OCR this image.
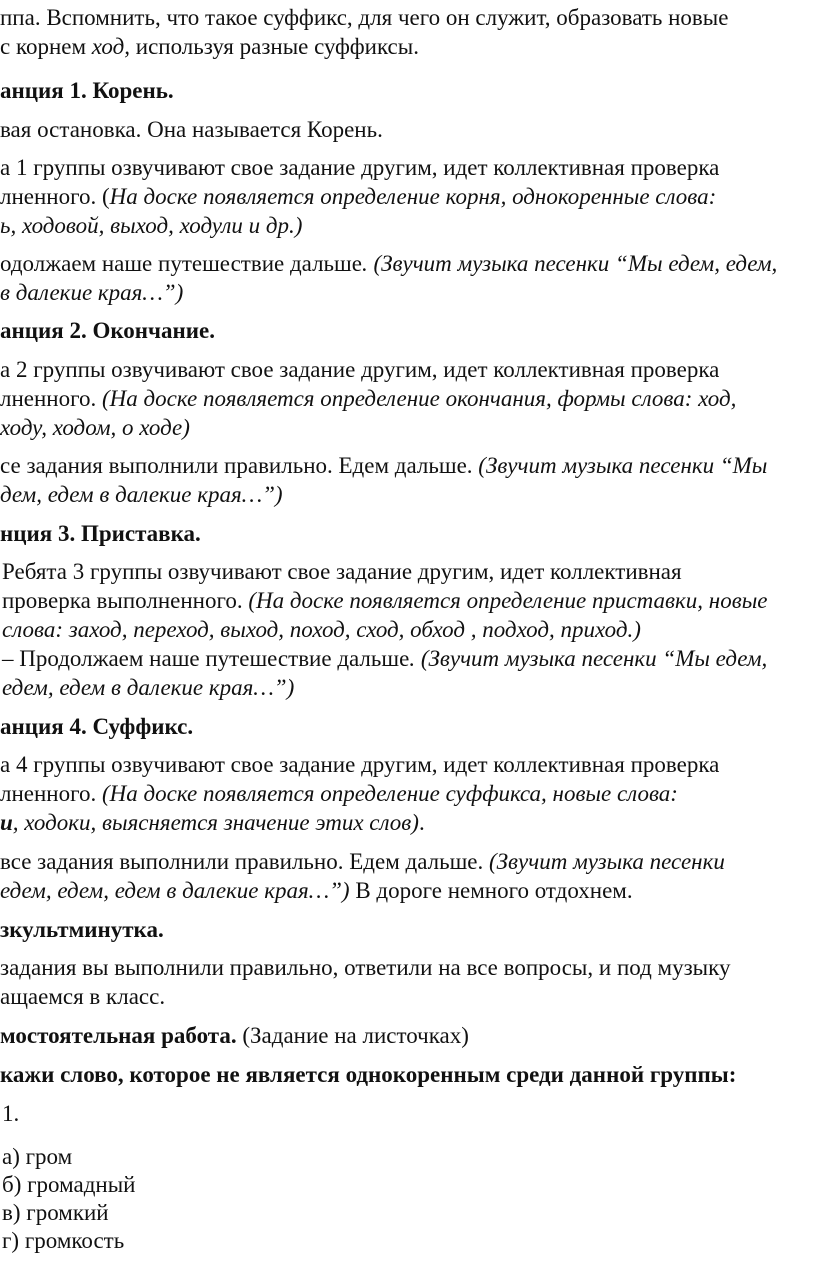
ппа. Вспомнить, что такое суффикс, для чего он служит, образовать новые

с корнем ход, используя разные суффиксы.

анция 1. Корень.

вая остановка. Она называется Корень.

а 1 группы озвучивают свое задание другим, идет коллективная проверка

лненного. (На доске появляется определение корня, однокоренные слова:

ь, ходовой, выход, ходули и др.)

одолжаем наше путешествие дальше. (Звучит музыка песенки “Мы едем, едем,

в далекие края…”)

анция 2. Окончание.

а 2 группы озвучивают свое задание другим, идет коллективная проверка

лненного. (На доске появляется определение окончания, формы слова: ход,

ходу, ходом, о ходе)

се задания выполнили правильно. Едем дальше. (Звучит музыка песенки “Мы

дем, едем в далекие края…”)

нция 3. Приставка.

Ребята 3 группы озвучивают свое задание другим, идет коллективная

проверка выполненного. (На доске появляется определение приставки, новые

слова: заход, переход, выход, поход, сход, обход , подход, приход.)

– Продолжаем наше путешествие дальше. (Звучит музыка песенки “Мы едем,

едем, едем в далекие края…”)

анция 4. Суффикс.

а 4 группы озвучивают свое задание другим, идет коллективная проверка

лненного. (На доске появляется определение суффикса, новые слова:

и, ходоки, выясняется значение этих слов).

все задания выполнили правильно. Едем дальше. (Звучит музыка песенки

едем, едем, едем в далекие края…”) В дороге немного отдохнем.

зкультминутка.

задания вы выполнили правильно, ответили на все вопросы, и под музыку

ащаемся в класс.

мостоятельная работа. (Задание на листочках)

кажи слово, которое не является однокоренным среди данной группы:

1.

а) гром

б) громадный

в) громкий

г) громкость
